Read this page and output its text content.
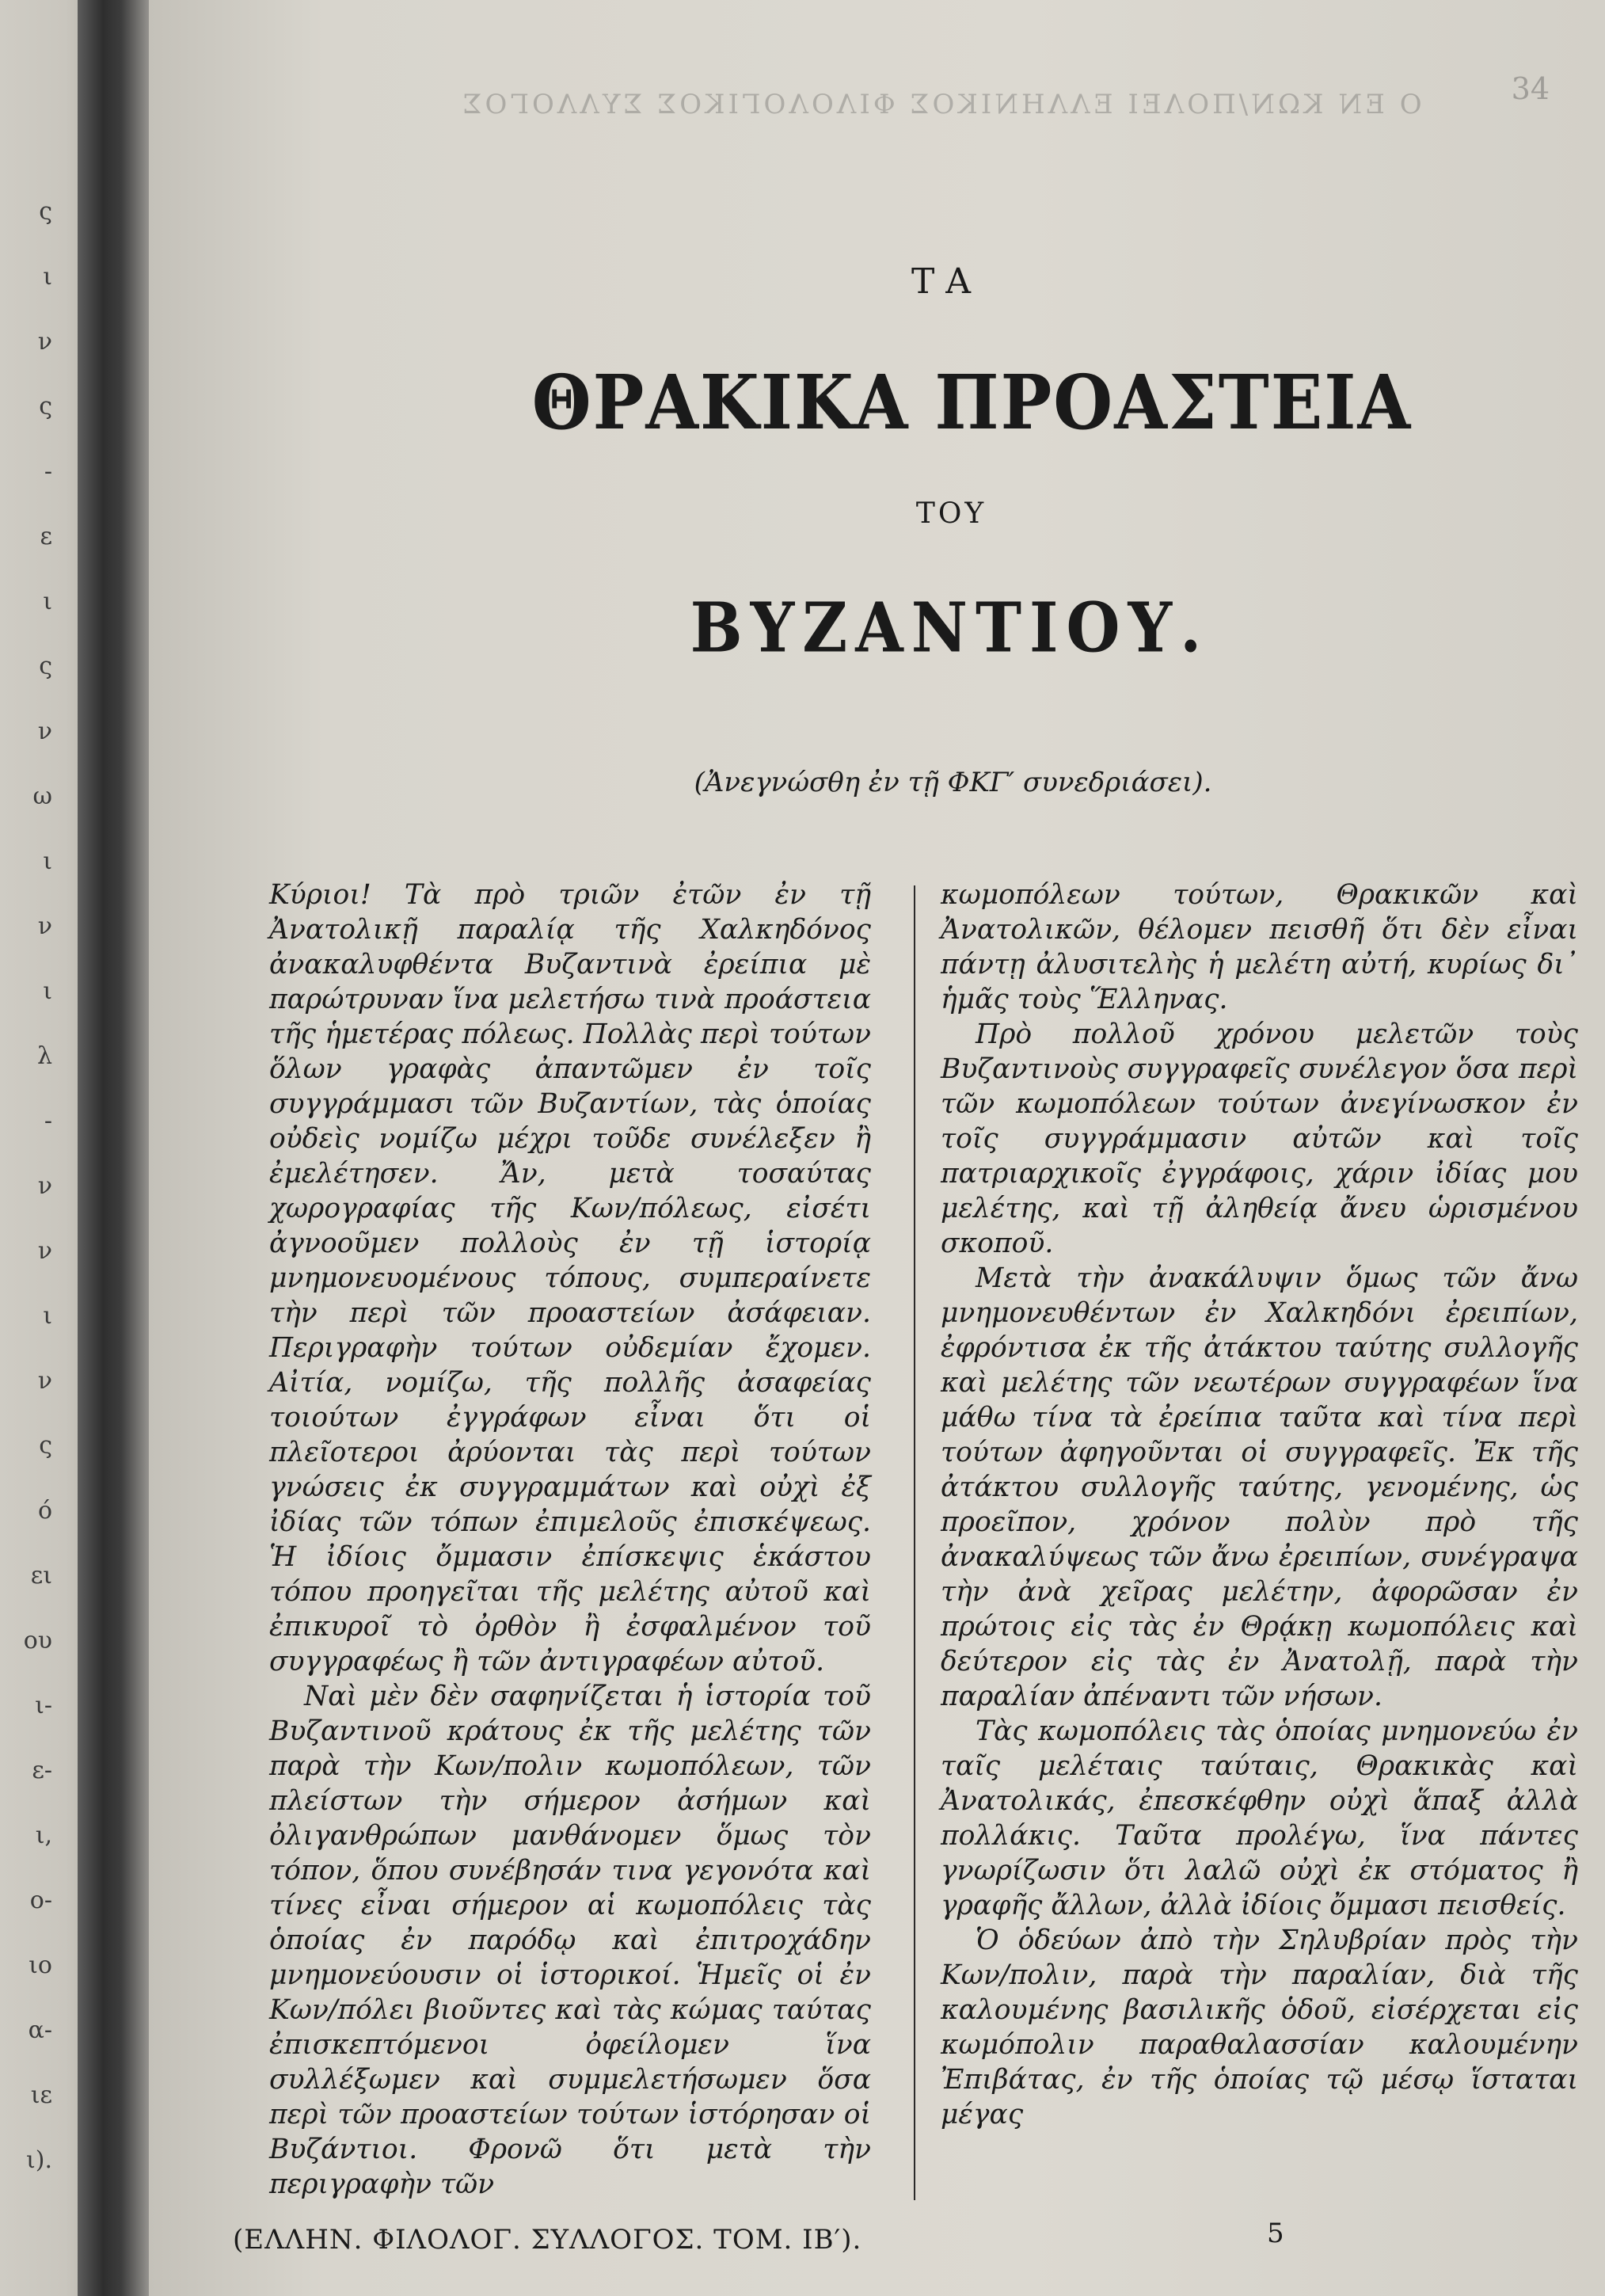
ς
ι
ν
ς
-
ε
ι
ς
ν
ω
ι
ν
ι
λ
-
ν
ν
ι
ν
ς
ό
ει
ου
ι-
ε-
ι,
ο-
ιο
α-
ιε
ι).
Ο ΕΝ ΚΩΝ/ΠΟΛΕΙ ΕΛΛΗΝΙΚΟΣ ΦΙΛΟΛΟΓΙΚΟΣ ΣΥΛΛΟΓΟΣ	34
ΤΑ
ΘΡΑΚΙΚΑ ΠΡΟΑΣΤΕΙΑ
ΤΟΥ
ΒΥΖΑΝΤΙΟΥ.
(Ἀνεγνώσθη ἐν τῇ ΦΚΓ′ συνεδριάσει).

Κύριοι! Τὰ πρὸ τριῶν ἐτῶν ἐν τῇ Ἀνατολικῇ παραλίᾳ τῆς Χαλκηδόνος ἀνακαλυφθέντα Βυζαντινὰ ἐρείπια μὲ παρώτρυναν ἵνα μελετήσω τινὰ προάστεια τῆς ἡμετέρας πόλεως. Πολλὰς περὶ τούτων ὅλων γραφὰς ἀπαντῶμεν ἐν τοῖς συγγράμμασι τῶν Βυζαντίων, τὰς ὁποίας οὐδεὶς νομίζω μέχρι τοῦδε συνέλεξεν ἢ ἐμελέτησεν. Ἄν, μετὰ τοσαύτας χωρογραφίας τῆς Κων/πόλεως, εἰσέτι ἀγνοοῦμεν πολλοὺς ἐν τῇ ἱστορίᾳ μνημονευομένους τόπους, συμπεραίνετε τὴν περὶ τῶν προαστείων ἀσάφειαν. Περιγραφὴν τούτων οὐδεμίαν ἔχομεν. Αἰτία, νομίζω, τῆς πολλῆς ἀσαφείας τοιούτων ἐγγράφων εἶναι ὅτι οἱ πλεῖοτεροι ἀρύονται τὰς περὶ τούτων γνώσεις ἐκ συγγραμμάτων καὶ οὐχὶ ἐξ ἰδίας τῶν τόπων ἐπιμελοῦς ἐπισκέψεως. Ἡ ἰδίοις ὄμμασιν ἐπίσκεψις ἑκάστου τόπου προηγεῖται τῆς μελέτης αὐτοῦ καὶ ἐπικυροῖ τὸ ὀρθὸν ἢ ἐσφαλμένον τοῦ συγγραφέως ἢ τῶν ἀντιγραφέων αὐτοῦ.

Ναὶ μὲν δὲν σαφηνίζεται ἡ ἱστορία τοῦ Βυζαντινοῦ κράτους ἐκ τῆς μελέτης τῶν παρὰ τὴν Κων/πολιν κωμοπόλεων, τῶν πλείστων τὴν σήμερον ἀσήμων καὶ ὀλιγανθρώπων μανθάνομεν ὅμως τὸν τόπον, ὅπου συνέβησάν τινα γεγονότα καὶ τίνες εἶναι σήμερον αἱ κωμοπόλεις τὰς ὁποίας ἐν παρόδῳ καὶ ἐπιτροχάδην μνημονεύουσιν οἱ ἱστορικοί. Ἡμεῖς οἱ ἐν Κων/πόλει βιοῦντες καὶ τὰς κώμας ταύτας ἐπισκεπτόμενοι ὀφείλομεν ἵνα συλλέξωμεν καὶ συμμελετήσωμεν ὅσα περὶ τῶν προαστείων τούτων ἱστόρησαν οἱ Βυζάντιοι. Φρονῶ ὅτι μετὰ τὴν περιγραφὴν τῶν

κωμοπόλεων τούτων, Θρακικῶν καὶ Ἀνατολικῶν, θέλομεν πεισθῆ ὅτι δὲν εἶναι πάντῃ ἀλυσιτελὴς ἡ μελέτη αὐτή, κυρίως δι᾽ ἡμᾶς τοὺς Ἕλληνας.

Πρὸ πολλοῦ χρόνου μελετῶν τοὺς Βυζαντινοὺς συγγραφεῖς συνέλεγον ὅσα περὶ τῶν κωμοπόλεων τούτων ἀνεγίνωσκον ἐν τοῖς συγγράμμασιν αὐτῶν καὶ τοῖς πατριαρχικοῖς ἐγγράφοις, χάριν ἰδίας μου μελέτης, καὶ τῇ ἀληθείᾳ ἄνευ ὡρισμένου σκοποῦ.

Μετὰ τὴν ἀνακάλυψιν ὅμως τῶν ἄνω μνημονευθέντων ἐν Χαλκηδόνι ἐρειπίων, ἐφρόντισα ἐκ τῆς ἀτάκτου ταύτης συλλογῆς καὶ μελέτης τῶν νεωτέρων συγγραφέων ἵνα μάθω τίνα τὰ ἐρείπια ταῦτα καὶ τίνα περὶ τούτων ἀφηγοῦνται οἱ συγγραφεῖς. Ἐκ τῆς ἀτάκτου συλλογῆς ταύτης, γενομένης, ὡς προεῖπον, χρόνον πολὺν πρὸ τῆς ἀνακαλύψεως τῶν ἄνω ἐρειπίων, συνέγραψα τὴν ἀνὰ χεῖρας μελέτην, ἀφορῶσαν ἐν πρώτοις εἰς τὰς ἐν Θρᾴκῃ κωμοπόλεις καὶ δεύτερον εἰς τὰς ἐν Ἀνατολῇ, παρὰ τὴν παραλίαν ἀπέναντι τῶν νήσων.

Τὰς κωμοπόλεις τὰς ὁποίας μνημονεύω ἐν ταῖς μελέταις ταύταις, Θρακικὰς καὶ Ἀνατολικάς, ἐπεσκέφθην οὐχὶ ἅπαξ ἀλλὰ πολλάκις. Ταῦτα προλέγω, ἵνα πάντες γνωρίζωσιν ὅτι λαλῶ οὐχὶ ἐκ στόματος ἢ γραφῆς ἄλλων, ἀλλὰ ἰδίοις ὄμμασι πεισθείς.

Ὁ ὁδεύων ἀπὸ τὴν Σηλυβρίαν πρὸς τὴν Κων/πολιν, παρὰ τὴν παραλίαν, διὰ τῆς καλουμένης βασιλικῆς ὁδοῦ, εἰσέρχεται εἰς κωμόπολιν παραθαλασσίαν καλουμένην Ἐπιβάτας, ἐν τῆς ὁποίας τῷ μέσῳ ἵσταται μέγας

(ΕΛΛΗΝ. ΦΙΛΟΛΟΓ. ΣΥΛΛΟΓΟΣ. ΤΟΜ. ΙΒ′).	5
